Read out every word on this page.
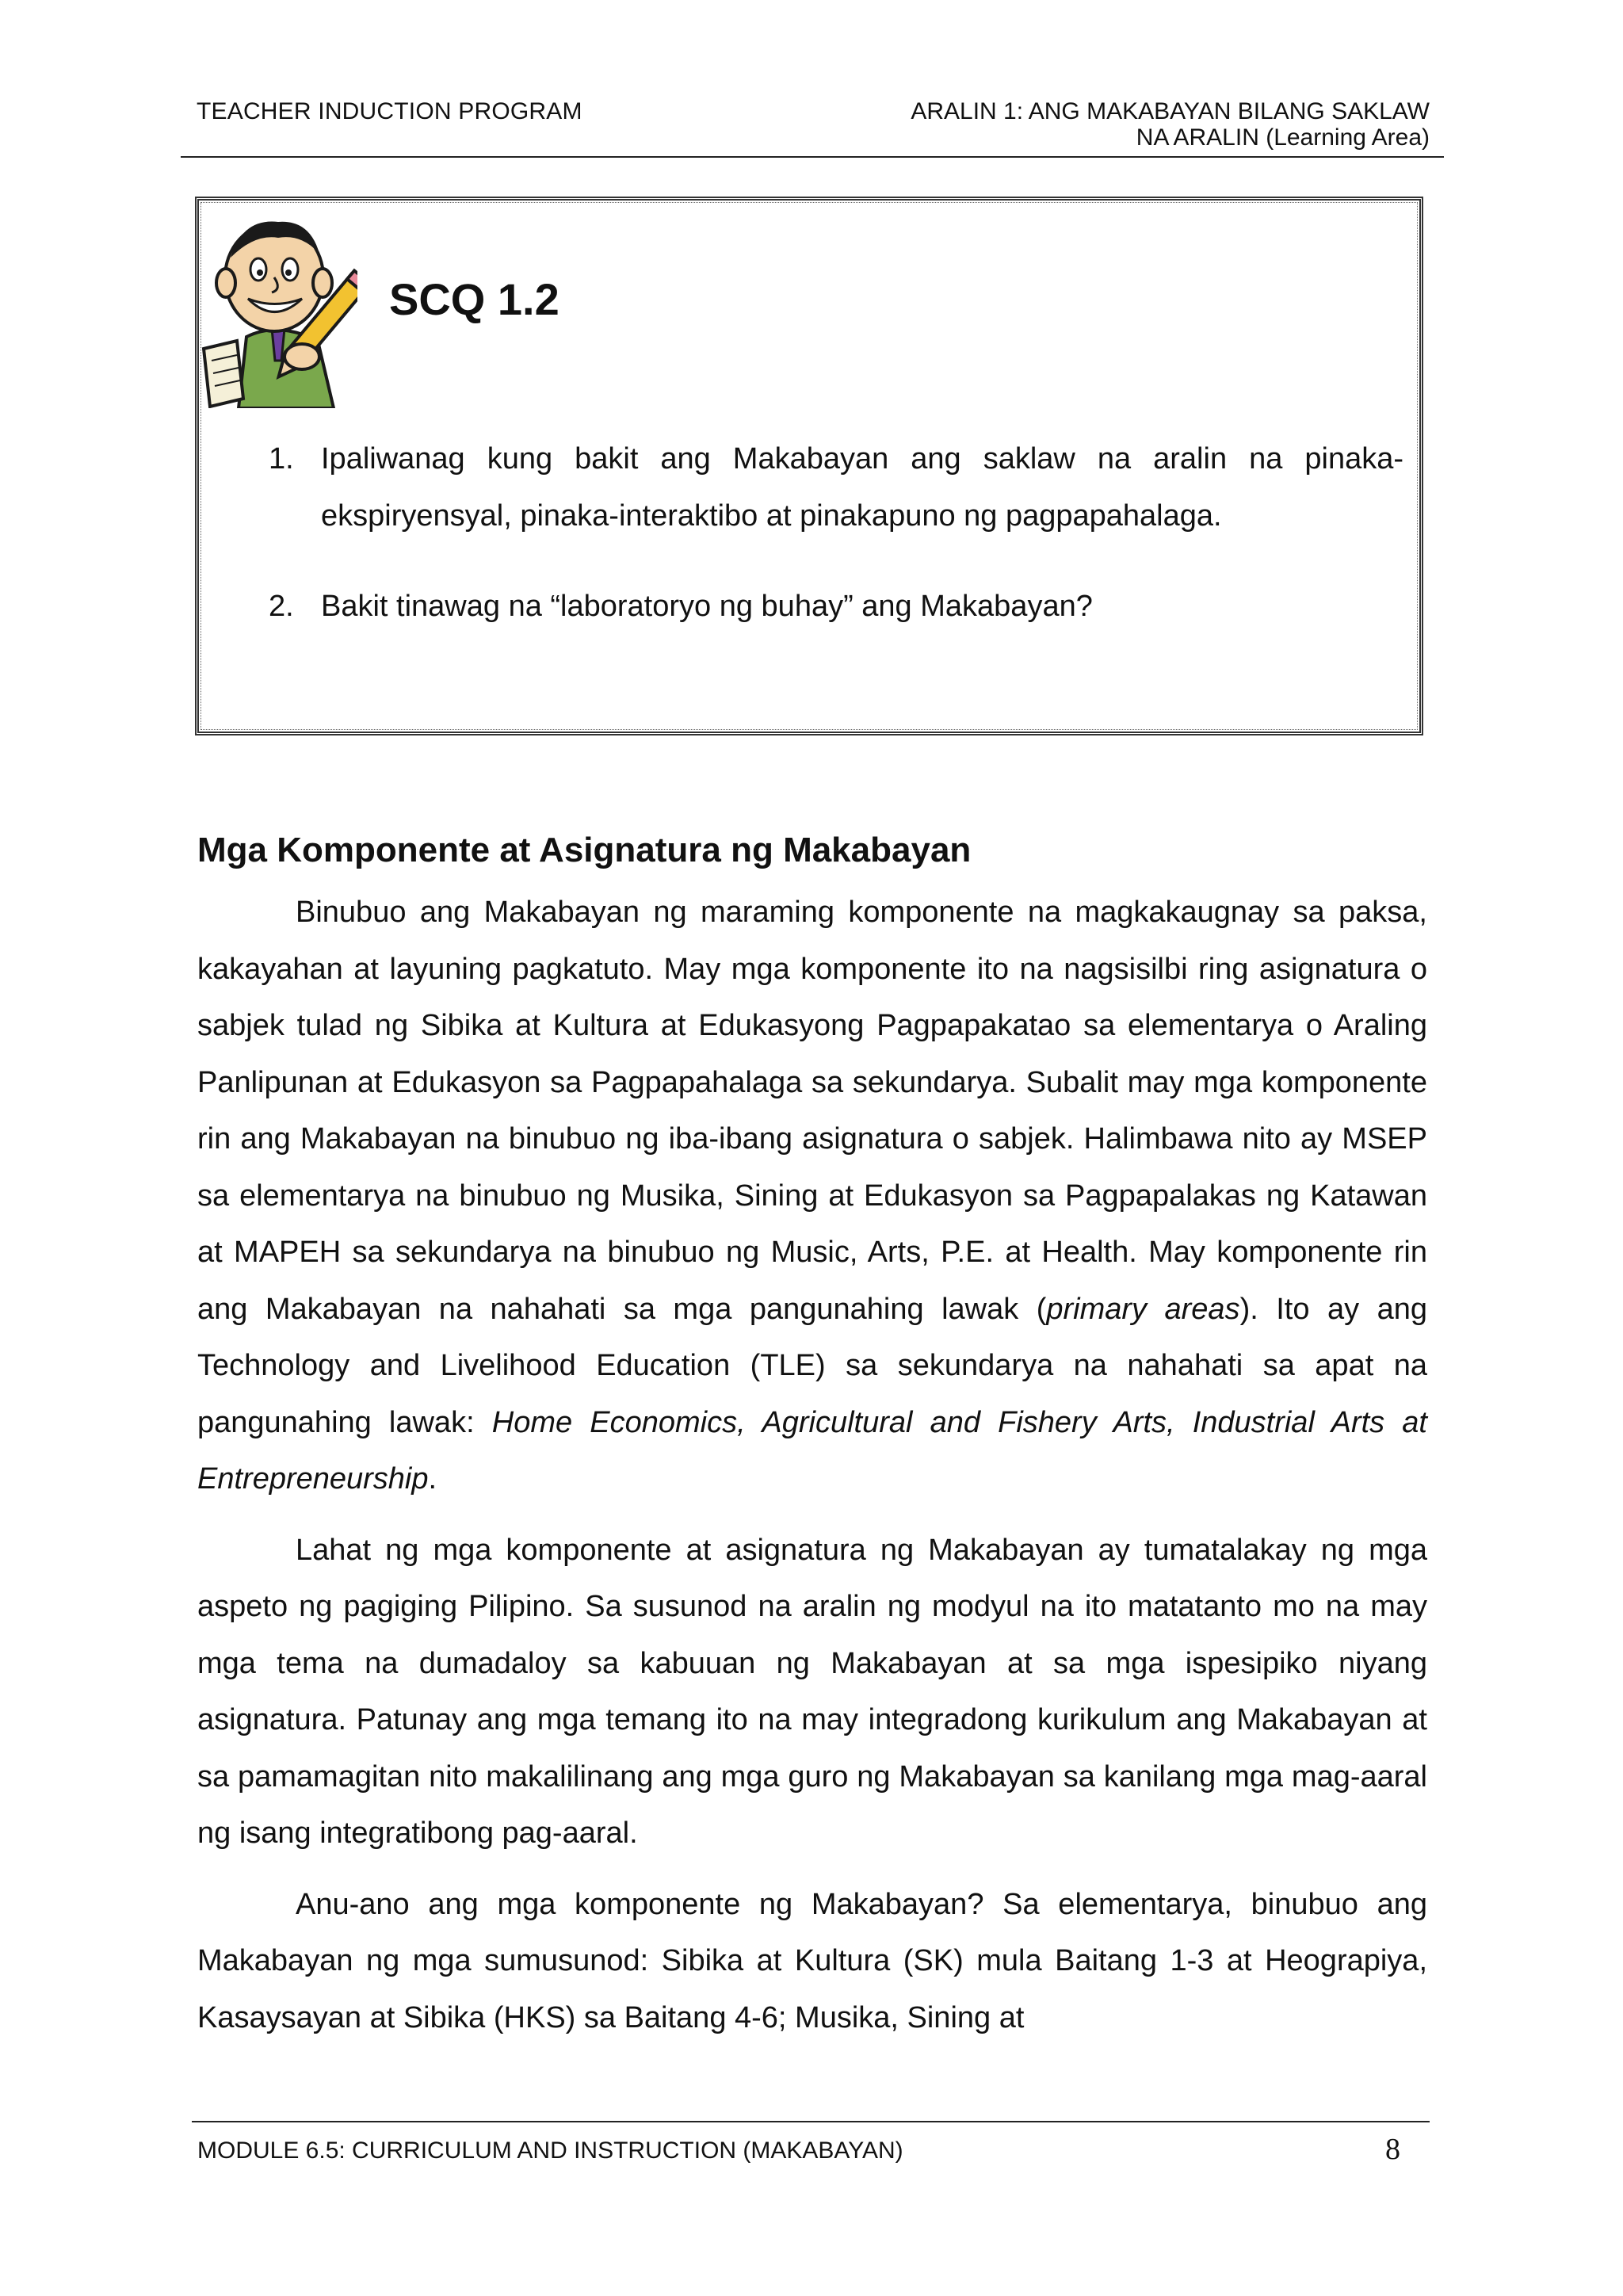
TEACHER INDUCTION PROGRAM	ARALIN 1: ANG MAKABAYAN BILANG SAKLAW
NA ARALIN (Learning Area)
SCQ 1.2
1. Ipaliwanag kung bakit ang Makabayan ang saklaw na aralin na pinaka-ekspiryensyal, pinaka-interaktibo at pinakapuno ng pagpapahalaga.
2. Bakit tinawag na “laboratoryo ng buhay” ang Makabayan?
Mga Komponente at Asignatura ng Makabayan

Binubuo ang Makabayan ng maraming komponente na magkakaugnay sa paksa, kakayahan at layuning pagkatuto. May mga komponente ito na nagsisilbi ring asignatura o sabjek tulad ng Sibika at Kultura at Edukasyong Pagpapakatao sa elementarya o Araling Panlipunan at Edukasyon sa Pagpapahalaga sa sekundarya. Subalit may mga komponente rin ang Makabayan na binubuo ng iba-ibang asignatura o sabjek. Halimbawa nito ay MSEP sa elementarya na binubuo ng Musika, Sining at Edukasyon sa Pagpapalakas ng Katawan at MAPEH sa sekundarya na binubuo ng Music, Arts, P.E. at Health. May komponente rin ang Makabayan na nahahati sa mga pangunahing lawak (primary areas). Ito ay ang Technology and Livelihood Education (TLE) sa sekundarya na nahahati sa apat na pangunahing lawak: Home Economics, Agricultural and Fishery Arts, Industrial Arts at Entrepreneurship.

Lahat ng mga komponente at asignatura ng Makabayan ay tumatalakay ng mga aspeto ng pagiging Pilipino. Sa susunod na aralin ng modyul na ito matatanto mo na may mga tema na dumadaloy sa kabuuan ng Makabayan at sa mga ispesipiko niyang asignatura. Patunay ang mga temang ito na may integradong kurikulum ang Makabayan at sa pamamagitan nito makalilinang ang mga guro ng Makabayan sa kanilang mga mag-aaral ng isang integratibong pag-aaral.

Anu-ano ang mga komponente ng Makabayan? Sa elementarya, binubuo ang Makabayan ng mga sumusunod: Sibika at Kultura (SK) mula Baitang 1-3 at Heograpiya, Kasaysayan at Sibika (HKS) sa Baitang 4-6; Musika, Sining at

MODULE 6.5: CURRICULUM AND INSTRUCTION (MAKABAYAN)	8
